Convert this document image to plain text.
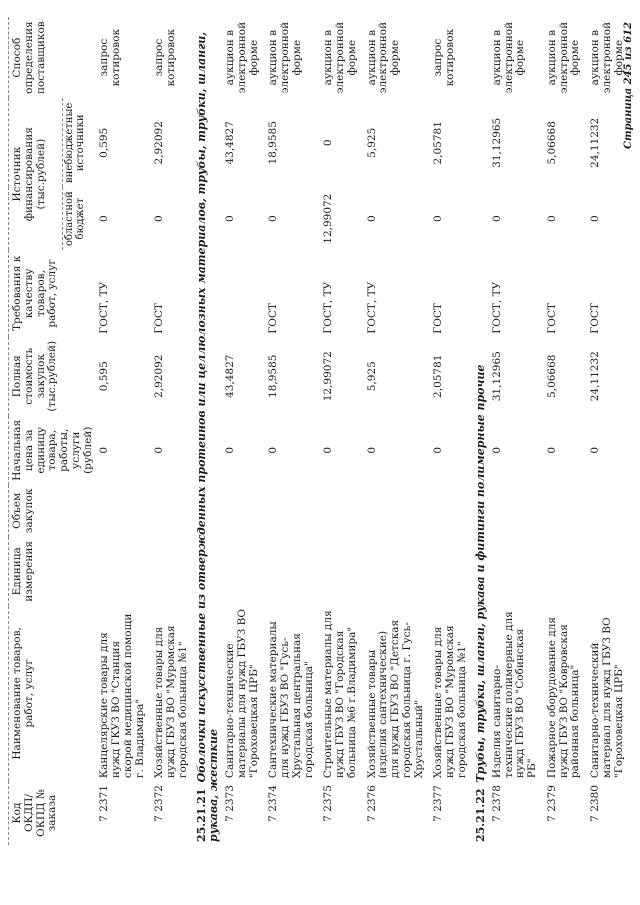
Код ОКДП/ ОКПД № заказа	Наименование товаров, работ, услуг	Единица измерения	Объем закупок	Начальная цена за единицу товара, работы, услуги (рублей)	Полная стоимость закупок (тыс.рублей)	Требования к качеству товаров, работ, услуг	Источник финансирования (тыс.рублей)		Способ определения поставщиков
							областной бюджет	внебюджетные источники	
7 2371	Канцелярские товары для нужд ГКУЗ ВО "Станция скорой медицинской помощи г. Владимира"			0	0,595	ГОСТ, ТУ	0	0,595	запрос котировок
7 2372	Хозяйственные товары для нужд ГБУЗ ВО "Муромская городская больница №1"			0	2,92092	ГОСТ	0	2,92092	запрос котировок
25.21.21Оболочки искусственные из отвержденных протеинов или целлюлозных материалов, трубы, трубки, шланги, рукава, жесткие									
7 2373	Санитарно-технические материалы для нужд ГБУЗ ВО "Гороховецкая ЦРБ"			0	43,4827		0	43,4827	аукцион в электронной форме
7 2374	Сантехнические материалы для нужд ГБУЗ ВО "Гусь-Хрустальная центральная городская больница"			0	18,9585	ГОСТ	0	18,9585	аукцион в электронной форме
7 2375	Строительные материалы для нужд ГБУЗ ВО "Городская больница №6 г.Владимира"			0	12,99072	ГОСТ, ТУ	12,99072	0	аукцион в электронной форме
7 2376	Хозяйственные товары (изделия сантехнические) для нужд ГБУЗ ВО "Детская городская больница г. Гусь-Хрустальный"			0	5,925	ГОСТ, ТУ	0	5,925	аукцион в электронной форме
7 2377	Хозяйственные товары для нужд ГБУЗ ВО "Муромская городская больница №1"			0	2,05781	ГОСТ	0	2,05781	запрос котировок
25.21.22Трубы, трубки, шланги, рукава и фитинги полимерные прочие									
7 2378	Изделия санитарно-технические полимерные для нужд ГБУЗ ВО "Собинская РБ"			0	31,12965	ГОСТ, ТУ	0	31,12965	аукцион в электронной форме
7 2379	Пожарное оборудование для нужд ГБУЗ ВО "Ковровская районная больница"			0	5,06668	ГОСТ	0	5,06668	аукцион в электронной форме
7 2380	Санитарно-технический материал для нужд ГБУЗ ВО "Гороховецкая ЦРБ"			0	24,11232	ГОСТ	0	24,11232	аукцион в электронной форме
Страница 245 из 612
